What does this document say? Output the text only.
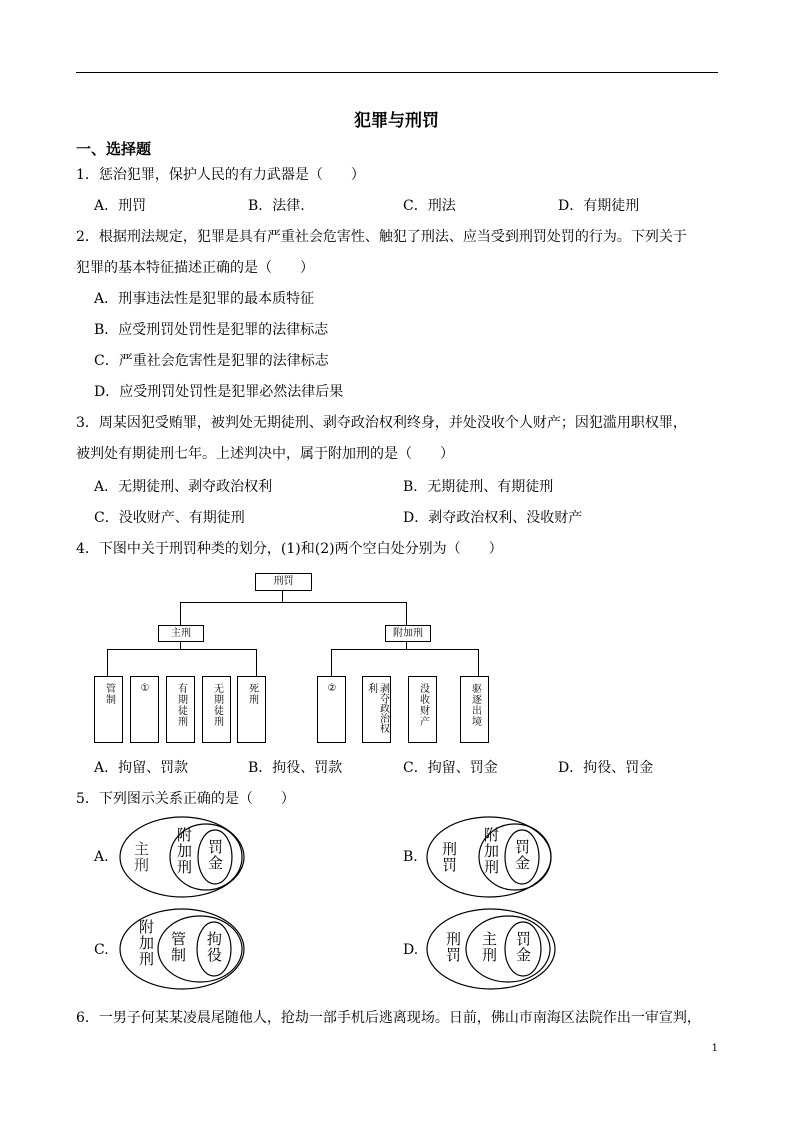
犯罪与刑罚
一、选择题
1．惩治犯罪，保护人民的有力武器是（　　）
A．刑罚	B．法律.	C．刑法	D．有期徒刑
2．根据刑法规定，犯罪是具有严重社会危害性、触犯了刑法、应当受到刑罚处罚的行为。下列关于
犯罪的基本特征描述正确的是（　　）
A．刑事违法性是犯罪的最本质特征
B．应受刑罚处罚性是犯罪的法律标志
C．严重社会危害性是犯罪的法律标志
D．应受刑罚处罚性是犯罪必然法律后果
3．周某因犯受贿罪，被判处无期徒刑、剥夺政治权利终身，并处没收个人财产；因犯滥用职权罪，
被判处有期徒刑七年。上述判决中，属于附加刑的是（　　）
A．无期徒刑、剥夺政治权利	B．无期徒刑、有期徒刑
C．没收财产、有期徒刑	D．剥夺政治权利、没收财产
4．下图中关于刑罚种类的划分，(1)和(2)两个空白处分别为（　　）
刑罚
主刑	附加刑
管制	①	有期徒刑	无期徒刑 死刑	②	剥夺政治权利	没收财产	驱逐出境
A．拘留、罚款	B．拘役、罚款	C．拘留、罚金	D．拘役、罚金
5．下列图示关系正确的是（　　）
A. 主刑 附加刑 罚金	B. 刑罚 附加刑 罚金
C. 附加刑 管制 拘役	D. 刑罚 主刑 罚金
6．一男子何某某凌晨尾随他人，抢劫一部手机后逃离现场。日前，佛山市南海区法院作出一审宣判，
1
